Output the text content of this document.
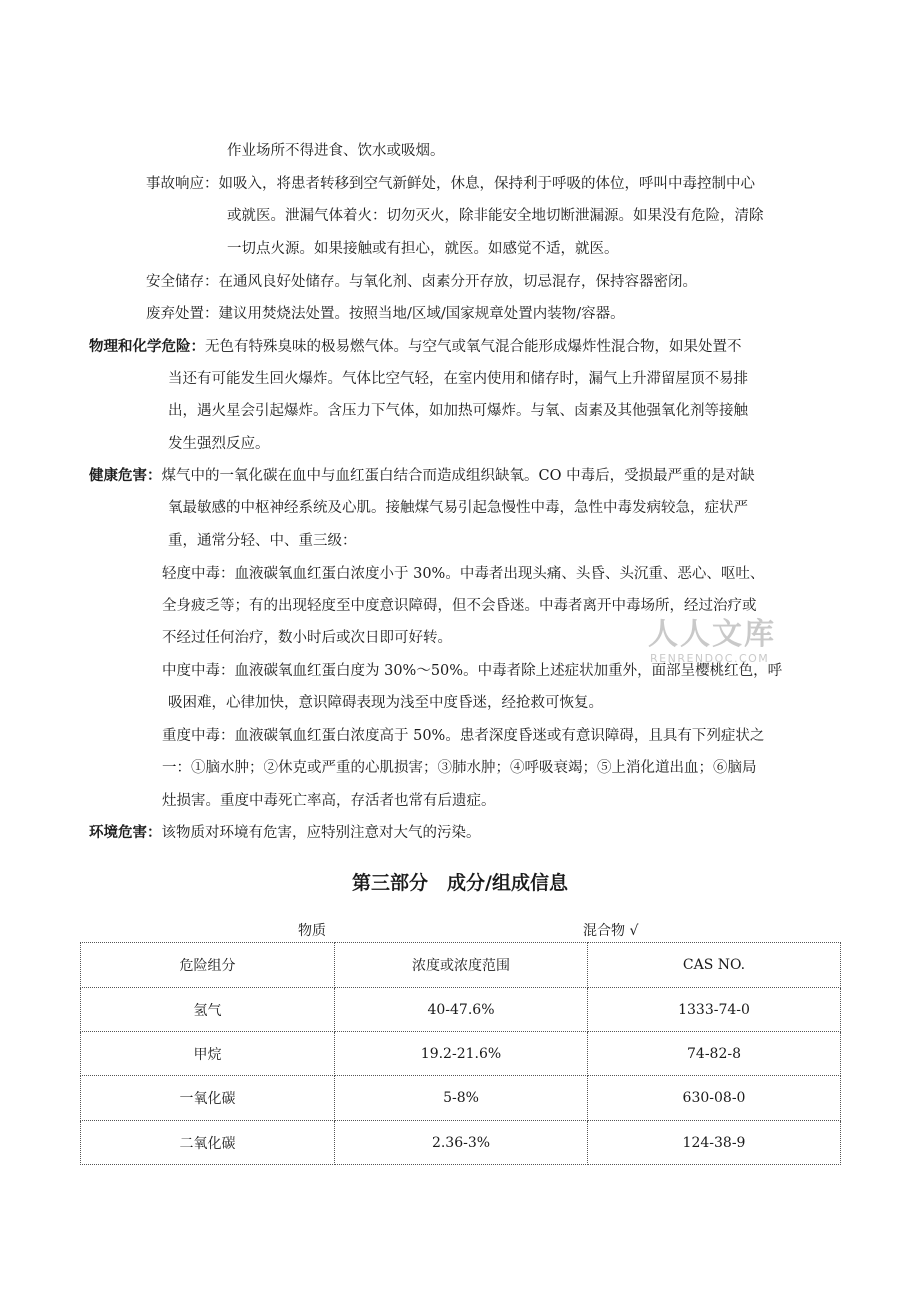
作业场所不得进食、饮水或吸烟。
事故响应：如吸入，将患者转移到空气新鲜处，休息，保持利于呼吸的体位，呼叫中毒控制中心
或就医。泄漏气体着火：切勿灭火，除非能安全地切断泄漏源。如果没有危险，清除
一切点火源。如果接触或有担心，就医。如感觉不适，就医。
安全储存：在通风良好处储存。与氧化剂、卤素分开存放，切忌混存，保持容器密闭。
废弃处置：建议用焚烧法处置。按照当地/区域/国家规章处置内装物/容器。
物理和化学危险：无色有特殊臭味的极易燃气体。与空气或氧气混合能形成爆炸性混合物，如果处置不
当还有可能发生回火爆炸。气体比空气轻，在室内使用和储存时，漏气上升滞留屋顶不易排
出，遇火星会引起爆炸。含压力下气体，如加热可爆炸。与氧、卤素及其他强氧化剂等接触
发生强烈反应。
健康危害：煤气中的一氧化碳在血中与血红蛋白结合而造成组织缺氧。CO 中毒后，受损最严重的是对缺
氧最敏感的中枢神经系统及心肌。接触煤气易引起急慢性中毒，急性中毒发病较急，症状严
重，通常分轻、中、重三级：
轻度中毒：血液碳氧血红蛋白浓度小于 30%。中毒者出现头痛、头昏、头沉重、恶心、呕吐、
全身疲乏等；有的出现轻度至中度意识障碍，但不会昏迷。中毒者离开中毒场所，经过治疗或
不经过任何治疗，数小时后或次日即可好转。
中度中毒：血液碳氧血红蛋白度为 30%～50%。中毒者除上述症状加重外，面部呈樱桃红色，呼
吸困难，心律加快，意识障碍表现为浅至中度昏迷，经抢救可恢复。
重度中毒：血液碳氧血红蛋白浓度高于 50%。患者深度昏迷或有意识障碍，且具有下列症状之
一：①脑水肿；②休克或严重的心肌损害；③肺水肿；④呼吸衰竭；⑤上消化道出血；⑥脑局
灶损害。重度中毒死亡率高，存活者也常有后遗症。
环境危害：该物质对环境有危害，应特别注意对大气的污染。
第三部分　成分/组成信息
物质	混合物 √
危险组分	浓度或浓度范围	CAS NO.
氢气	40-47.6%	1333-74-0
甲烷	19.2-21.6%	74-82-8
一氧化碳	5-8%	630-08-0
二氧化碳	2.36-3%	124-38-9
人人文库
RENRENDOC.COM
